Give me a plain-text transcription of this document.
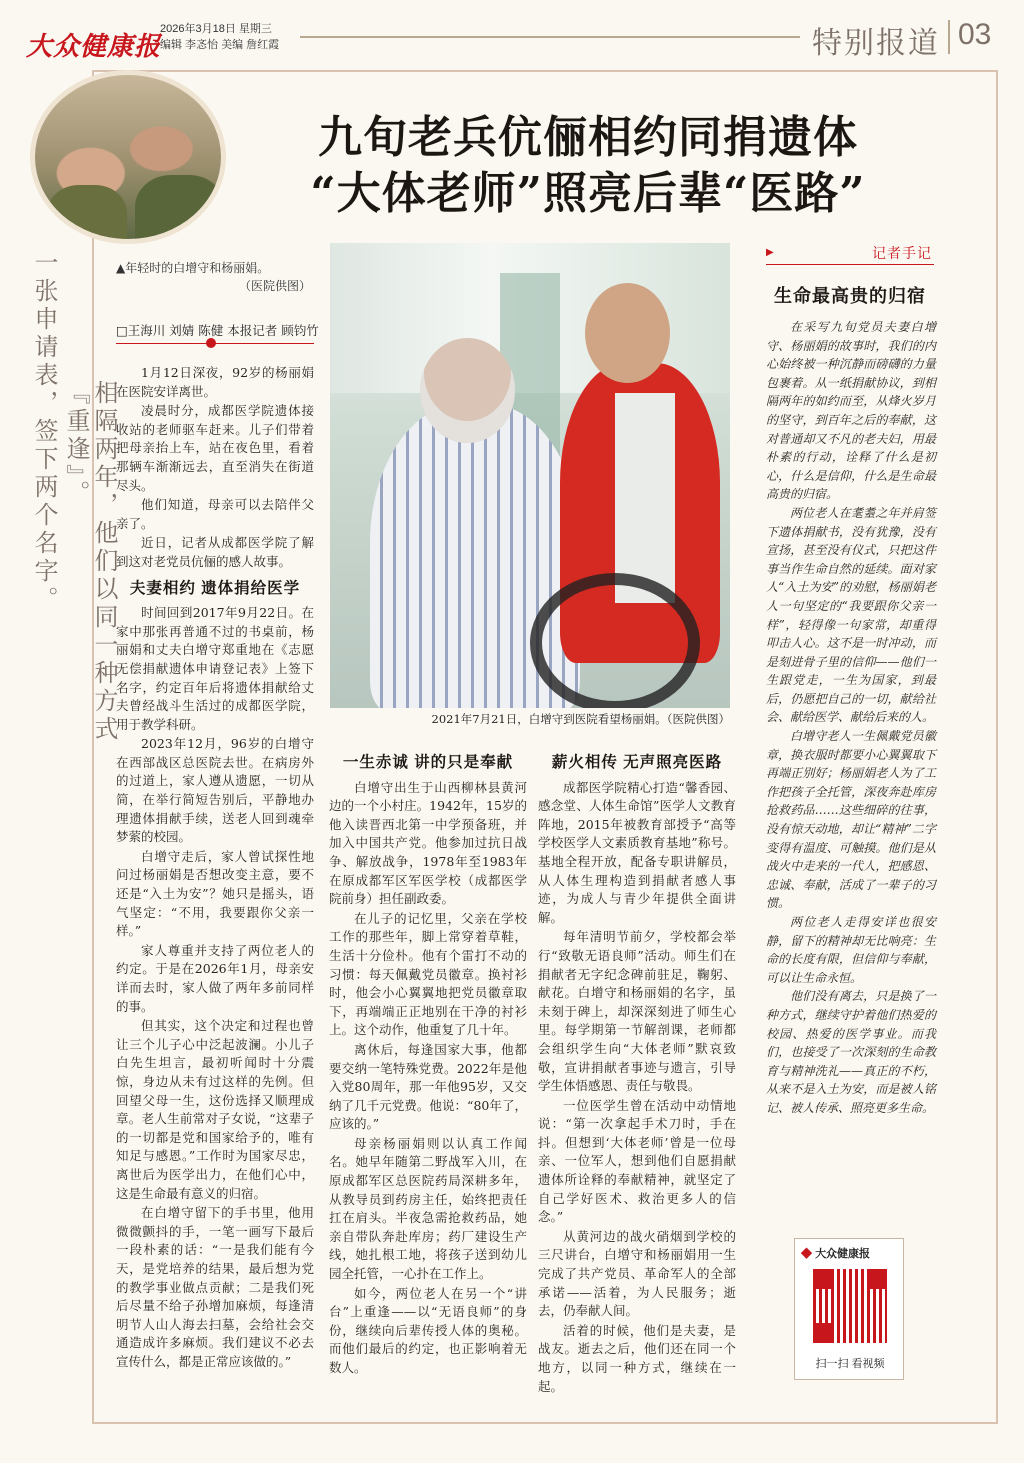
大众健康报
2026年3月18日 星期三
编辑 李忞怡 美编 詹红霞	特别报道 03
▲年轻时的白增守和杨丽娟。
（医院供图）
一张申请表，签下两个名字。	相隔两年，他们以同一种方式『重逢』。
九旬老兵伉俪相约同捐遗体
“大体老师”照亮后辈“医路”
□王海川 刘婧 陈健 本报记者 顾钧竹
2021年7月21日，白增守到医院看望杨丽娟。（医院供图）

1月12日深夜，92岁的杨丽娟在医院安详离世。

凌晨时分，成都医学院遗体接收站的老师驱车赶来。儿子们带着把母亲抬上车，站在夜色里，看着那辆车渐渐远去，直至消失在街道尽头。

他们知道，母亲可以去陪伴父亲了。

近日，记者从成都医学院了解到这对老党员伉俪的感人故事。

夫妻相约 遗体捐给医学

时间回到2017年9月22日。在家中那张再普通不过的书桌前，杨丽娟和丈夫白增守郑重地在《志愿无偿捐献遗体申请登记表》上签下名字，约定百年后将遗体捐献给丈夫曾经战斗生活过的成都医学院，用于教学科研。

2023年12月，96岁的白增守在西部战区总医院去世。在病房外的过道上，家人遵从遗愿，一切从简，在举行简短告别后，平静地办理遗体捐献手续，送老人回到魂牵梦萦的校园。

白增守走后，家人曾试探性地问过杨丽娟是否想改变主意，要不还是“入土为安”？她只是摇头，语气坚定：“不用，我要跟你父亲一样。”

家人尊重并支持了两位老人的约定。于是在2026年1月，母亲安详而去时，家人做了两年多前同样的事。

但其实，这个决定和过程也曾让三个儿子心中泛起波澜。小儿子白先生坦言，最初听闻时十分震惊，身边从未有过这样的先例。但回望父母一生，这份选择又顺理成章。老人生前常对子女说，“这辈子的一切都是党和国家给予的，唯有知足与感恩。”工作时为国家尽忠，离世后为医学出力，在他们心中，这是生命最有意义的归宿。

在白增守留下的手书里，他用微微颤抖的手，一笔一画写下最后一段朴素的话：“一是我们能有今天，是党培养的结果，最后想为党的教学事业做点贡献；二是我们死后尽量不给子孙增加麻烦，每逢清明节人山人海去扫墓，会给社会交通造成许多麻烦。我们建议不必去宣传什么，都是正常应该做的。”

一生赤诚 讲的只是奉献

白增守出生于山西柳林县黄河边的一个小村庄。1942年，15岁的他入读晋西北第一中学预备班，并加入中国共产党。他参加过抗日战争、解放战争，1978年至1983年在原成都军区军医学校（成都医学院前身）担任副政委。

在儿子的记忆里，父亲在学校工作的那些年，脚上常穿着草鞋，生活十分俭朴。他有个雷打不动的习惯：每天佩戴党员徽章。换衬衫时，他会小心翼翼地把党员徽章取下，再端端正正地别在干净的衬衫上。这个动作，他重复了几十年。

离休后，每逢国家大事，他都要交纳一笔特殊党费。2022年是他入党80周年，那一年他95岁，又交纳了几千元党费。他说：“80年了，应该的。”

母亲杨丽娟则以认真工作闻名。她早年随第二野战军入川，在原成都军区总医院药局深耕多年，从教导员到药房主任，始终把责任扛在肩头。半夜急需抢救药品，她亲自带队奔赴库房；药厂建设生产线，她扎根工地，将孩子送到幼儿园全托管，一心扑在工作上。

如今，两位老人在另一个“讲台”上重逢——以“无语良师”的身份，继续向后辈传授人体的奥秘。而他们最后的约定，也正影响着无数人。

薪火相传 无声照亮医路

成都医学院精心打造“馨香园、感念堂、人体生命馆”医学人文教育阵地，2015年被教育部授予“高等学校医学人文素质教育基地”称号。基地全程开放，配备专职讲解员，从人体生理构造到捐献者感人事迹，为成人与青少年提供全面讲解。

每年清明节前夕，学校都会举行“致敬无语良师”活动。师生们在捐献者无字纪念碑前驻足，鞠躬、献花。白增守和杨丽娟的名字，虽未刻于碑上，却深深刻进了师生心里。每学期第一节解剖课，老师都会组织学生向“大体老师”默哀致敬，宣讲捐献者事迹与遗言，引导学生体悟感恩、责任与敬畏。

一位医学生曾在活动中动情地说：“第一次拿起手术刀时，手在抖。但想到‘大体老师’曾是一位母亲、一位军人，想到他们自愿捐献遗体所诠释的奉献精神，就坚定了自己学好医术、救治更多人的信念。”

从黄河边的战火硝烟到学校的三尺讲台，白增守和杨丽娟用一生完成了共产党员、革命军人的全部承诺——活着，为人民服务；逝去，仍奉献人间。

活着的时候，他们是夫妻，是战友。逝去之后，他们还在同一个地方，以同一种方式，继续在一起。

▶	记者手记
生命最高贵的归宿

在采写九旬党员夫妻白增守、杨丽娟的故事时，我们的内心始终被一种沉静而磅礴的力量包裹着。从一纸捐献协议，到相隔两年的如约而至，从烽火岁月的坚守，到百年之后的奉献，这对普通却又不凡的老夫妇，用最朴素的行动，诠释了什么是初心，什么是信仰，什么是生命最高贵的归宿。

两位老人在耄耋之年并肩签下遗体捐献书，没有犹豫，没有宣扬，甚至没有仪式，只把这件事当作生命自然的延续。面对家人“入土为安”的劝慰，杨丽娟老人一句坚定的“我要跟你父亲一样”，轻得像一句家常，却重得叩击人心。这不是一时冲动，而是刻进骨子里的信仰——他们一生跟党走，一生为国家，到最后，仍愿把自己的一切，献给社会、献给医学、献给后来的人。

白增守老人一生佩戴党员徽章，换衣服时都要小心翼翼取下再端正别好；杨丽娟老人为了工作把孩子全托管，深夜奔赴库房抢救药品……这些细碎的往事，没有惊天动地，却让“精神”二字变得有温度、可触摸。他们是从战火中走来的一代人，把感恩、忠诚、奉献，活成了一辈子的习惯。

两位老人走得安详也很安静，留下的精神却无比响亮：生命的长度有限，但信仰与奉献，可以让生命永恒。

他们没有离去，只是换了一种方式，继续守护着他们热爱的校园、热爱的医学事业。而我们，也接受了一次深刻的生命教育与精神洗礼——真正的不朽，从来不是入土为安，而是被人铭记、被人传承、照亮更多生命。

◆ 大众健康报
扫一扫 看视频
